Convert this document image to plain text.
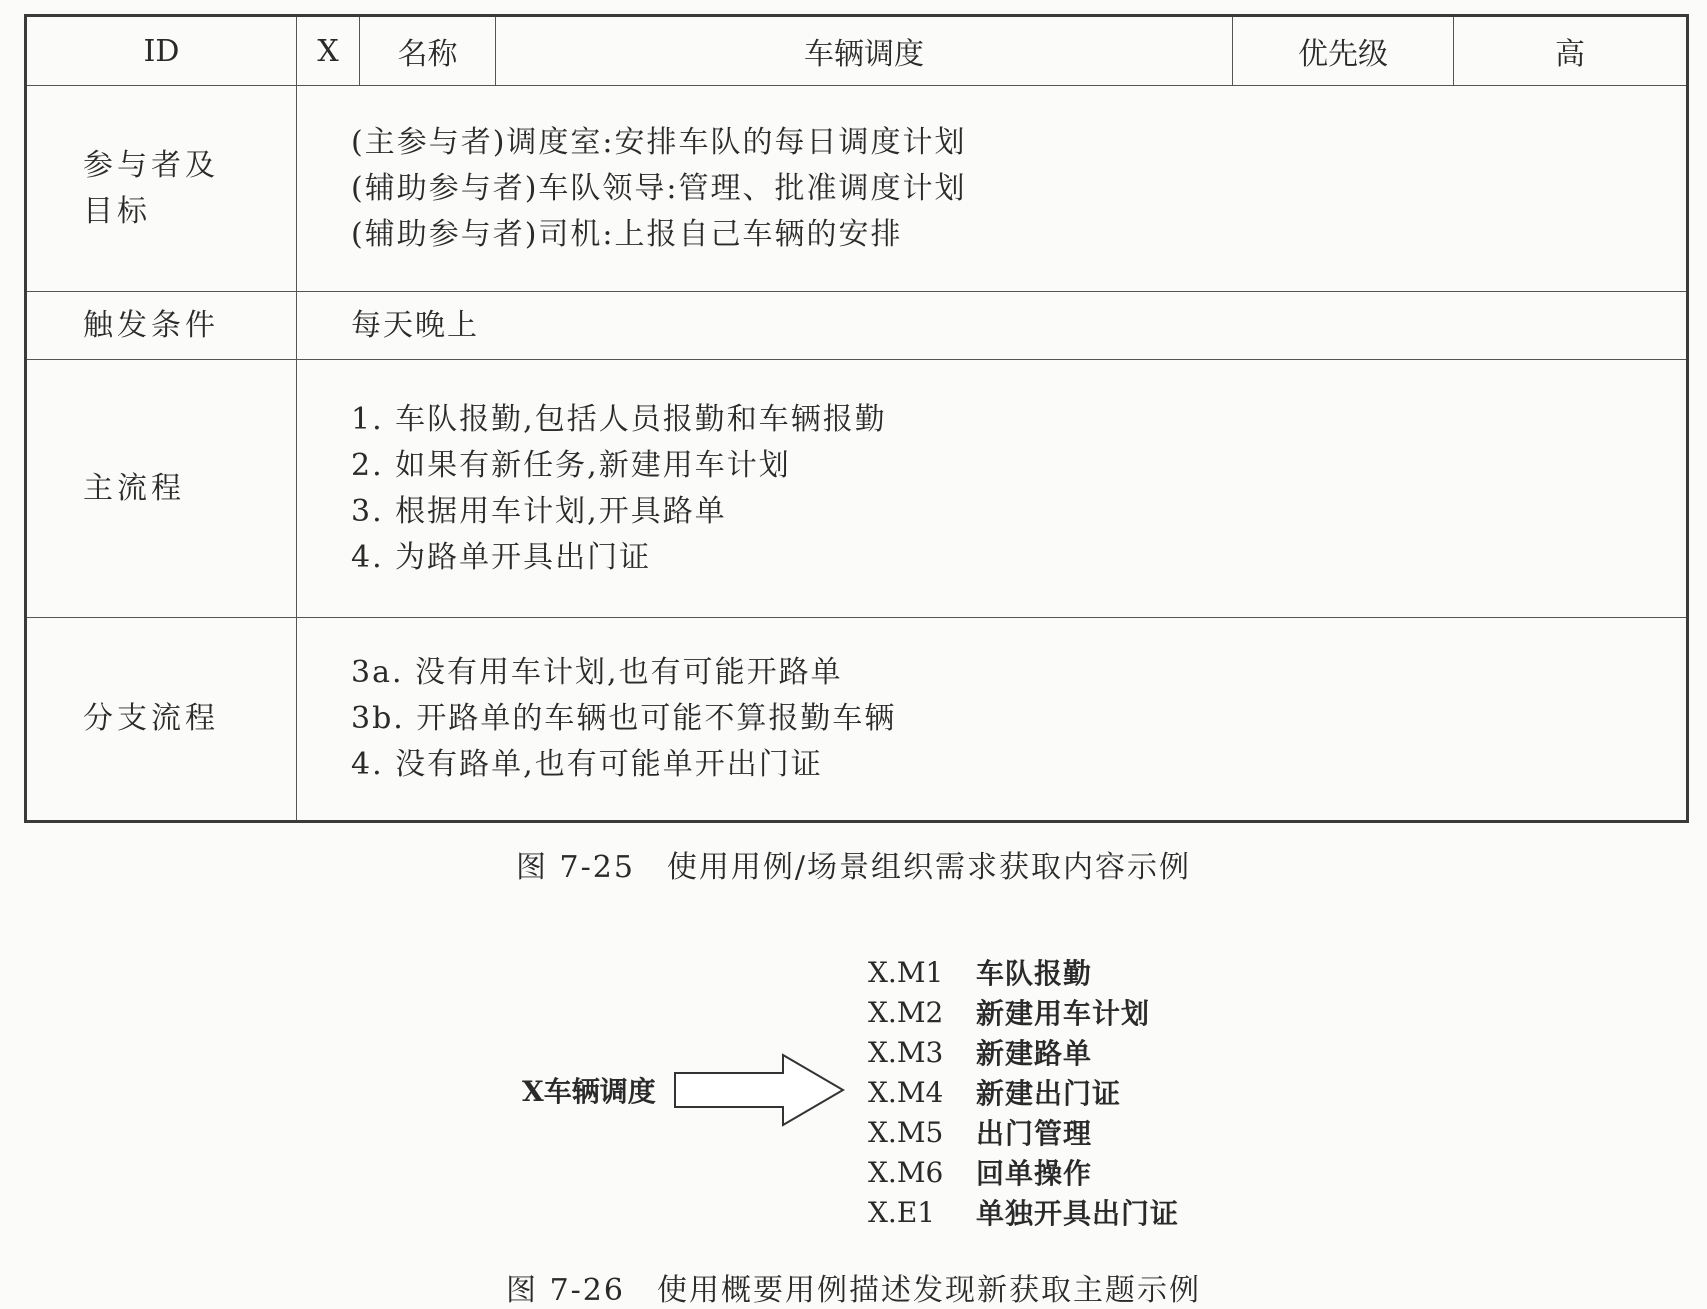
ID	X	名称	车辆调度	优先级	高

参与者及
目标	(主参与者)调度室:安排车队的每日调度计划
(辅助参与者)车队领导:管理、批准调度计划
(辅助参与者)司机:上报自己车辆的安排				

触发条件	每天晚上				

主流程	1. 车队报勤,包括人员报勤和车辆报勤
2. 如果有新任务,新建用车计划
3. 根据用车计划,开具路单
4. 为路单开具出门证				

分支流程	3a. 没有用车计划,也有可能开路单
3b. 开路单的车辆也可能不算报勤车辆
4. 没有路单,也有可能单开出门证				
图 7-25　使用用例/场景组织需求获取内容示例
X车辆调度
X.M1	车队报勤
X.M2	新建用车计划
X.M3	新建路单
X.M4	新建出门证
X.M5	出门管理
X.M6	回单操作
X.E1	单独开具出门证
图 7-26　使用概要用例描述发现新获取主题示例
